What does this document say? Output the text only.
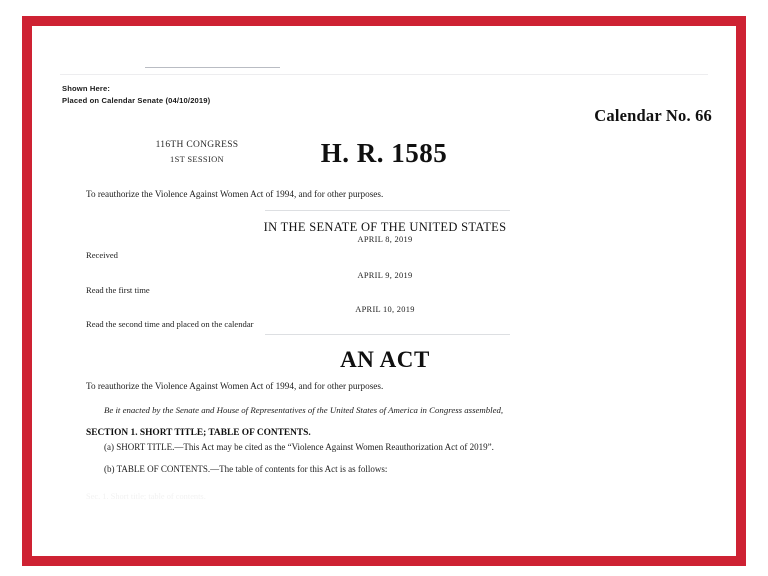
Shown Here:
Placed on Calendar Senate (04/10/2019)
Calendar No. 66
116TH CONGRESS
1ST SESSION	H. R. 1585
To reauthorize the Violence Against Women Act of 1994, and for other purposes.
IN THE SENATE OF THE UNITED STATES
APRIL 8, 2019
Received
APRIL 9, 2019
Read the first time
APRIL 10, 2019
Read the second time and placed on the calendar
AN ACT
To reauthorize the Violence Against Women Act of 1994, and for other purposes.
Be it enacted by the Senate and House of Representatives of the United States of America in Congress assembled,
SECTION 1. SHORT TITLE; TABLE OF CONTENTS.
(a) SHORT TITLE.—This Act may be cited as the “Violence Against Women Reauthorization Act of 2019”.
(b) TABLE OF CONTENTS.—The table of contents for this Act is as follows:
Sec. 1. Short title; table of contents.
